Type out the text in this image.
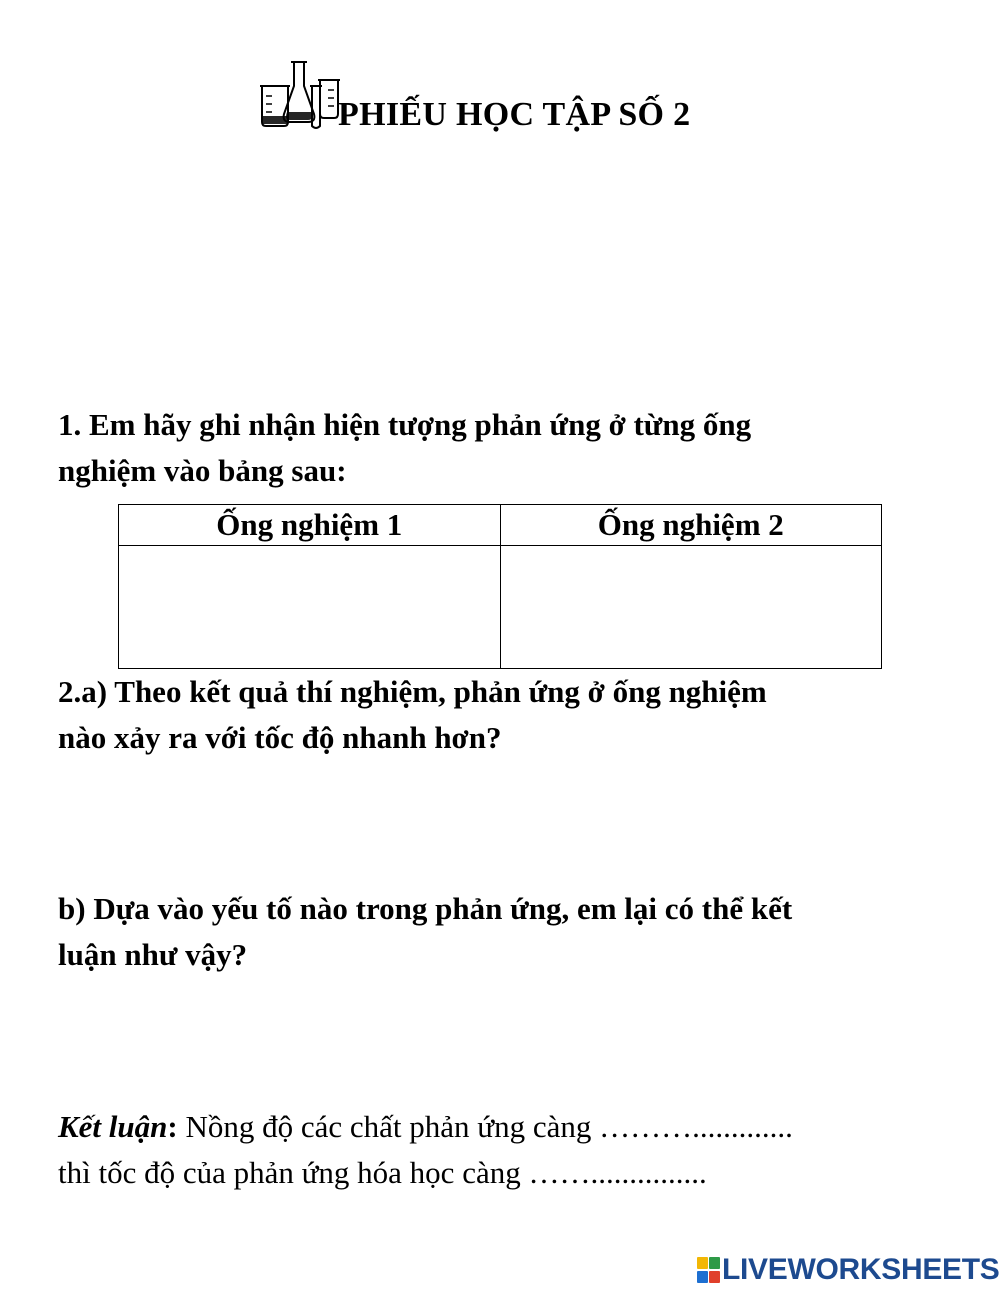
PHIẾU HỌC TẬP SỐ 2
1. Em hãy ghi nhận hiện tượng phản ứng ở từng ống
nghiệm vào bảng sau:
Ống nghiệm 1	Ống nghiệm 2

2.a) Theo kết quả thí nghiệm, phản ứng ở ống nghiệm
nào xảy ra với tốc độ nhanh hơn?
b) Dựa vào yếu tố nào trong phản ứng, em lại có thể kết
luận như vậy?
Kết luận: Nồng độ các chất phản ứng càng ……….............
thì tốc độ của phản ứng hóa học càng ……...............
LIVEWORKSHEETS
